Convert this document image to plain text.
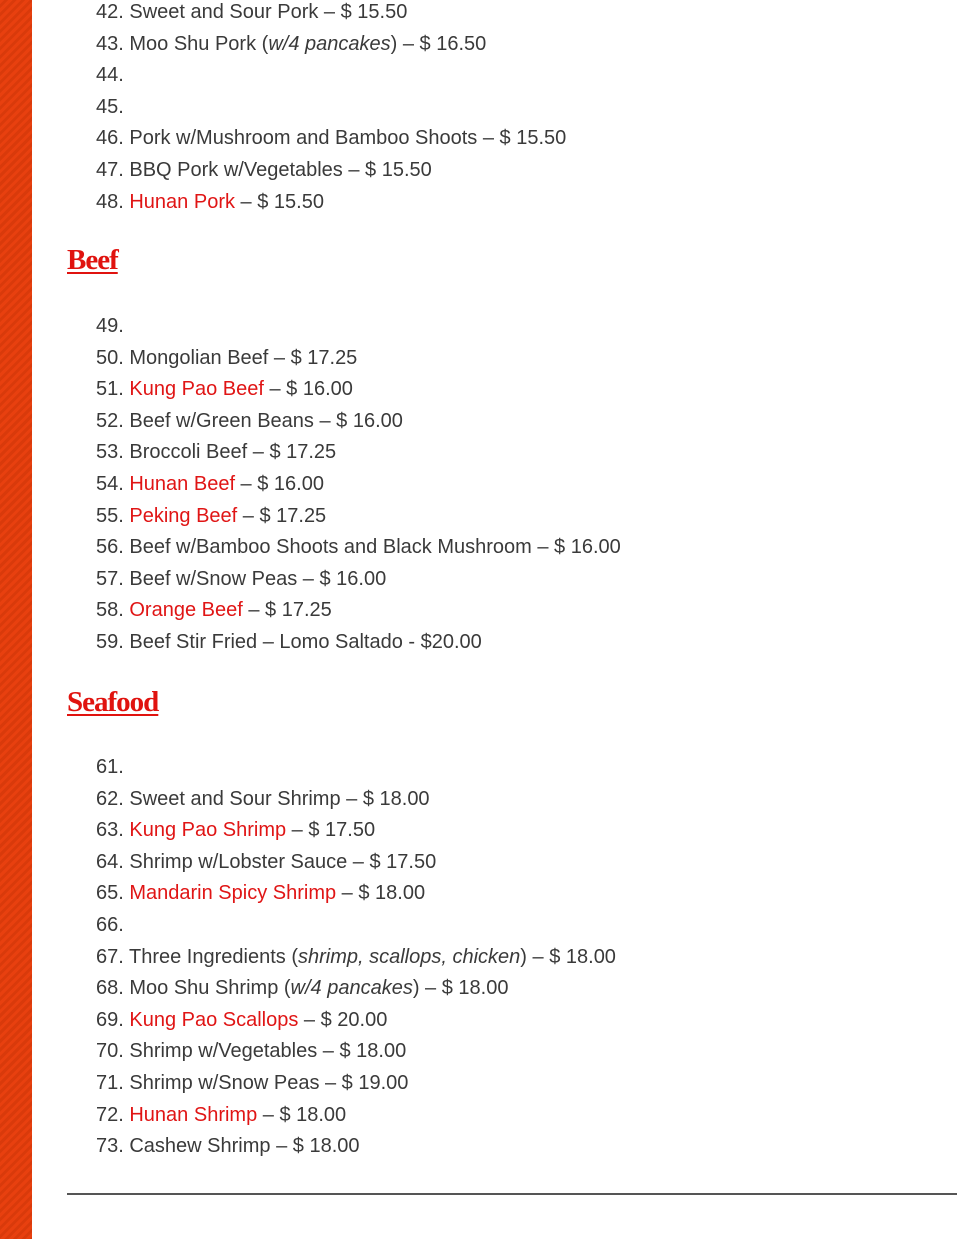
42. Sweet and Sour Pork – $ 15.50
43. Moo Shu Pork (w/4 pancakes) – $ 16.50
44.
45.
46. Pork w/Mushroom and Bamboo Shoots – $ 15.50
47. BBQ Pork w/Vegetables – $ 15.50
48. Hunan Pork – $ 15.50
Beef
49.
50. Mongolian Beef – $ 17.25
51. Kung Pao Beef – $ 16.00
52. Beef w/Green Beans – $ 16.00
53. Broccoli Beef – $ 17.25
54. Hunan Beef – $ 16.00
55. Peking Beef – $ 17.25
56. Beef w/Bamboo Shoots and Black Mushroom – $ 16.00
57. Beef w/Snow Peas – $ 16.00
58. Orange Beef – $ 17.25
59. Beef Stir Fried – Lomo Saltado - $20.00
Seafood
61.
62. Sweet and Sour Shrimp – $ 18.00
63. Kung Pao Shrimp – $ 17.50
64. Shrimp w/Lobster Sauce – $ 17.50
65. Mandarin Spicy Shrimp – $ 18.00
66.
67. Three Ingredients (shrimp, scallops, chicken) – $ 18.00
68. Moo Shu Shrimp (w/4 pancakes) – $ 18.00
69. Kung Pao Scallops – $ 20.00
70. Shrimp w/Vegetables – $ 18.00
71. Shrimp w/Snow Peas – $ 19.00
72. Hunan Shrimp – $ 18.00
73. Cashew Shrimp – $ 18.00
